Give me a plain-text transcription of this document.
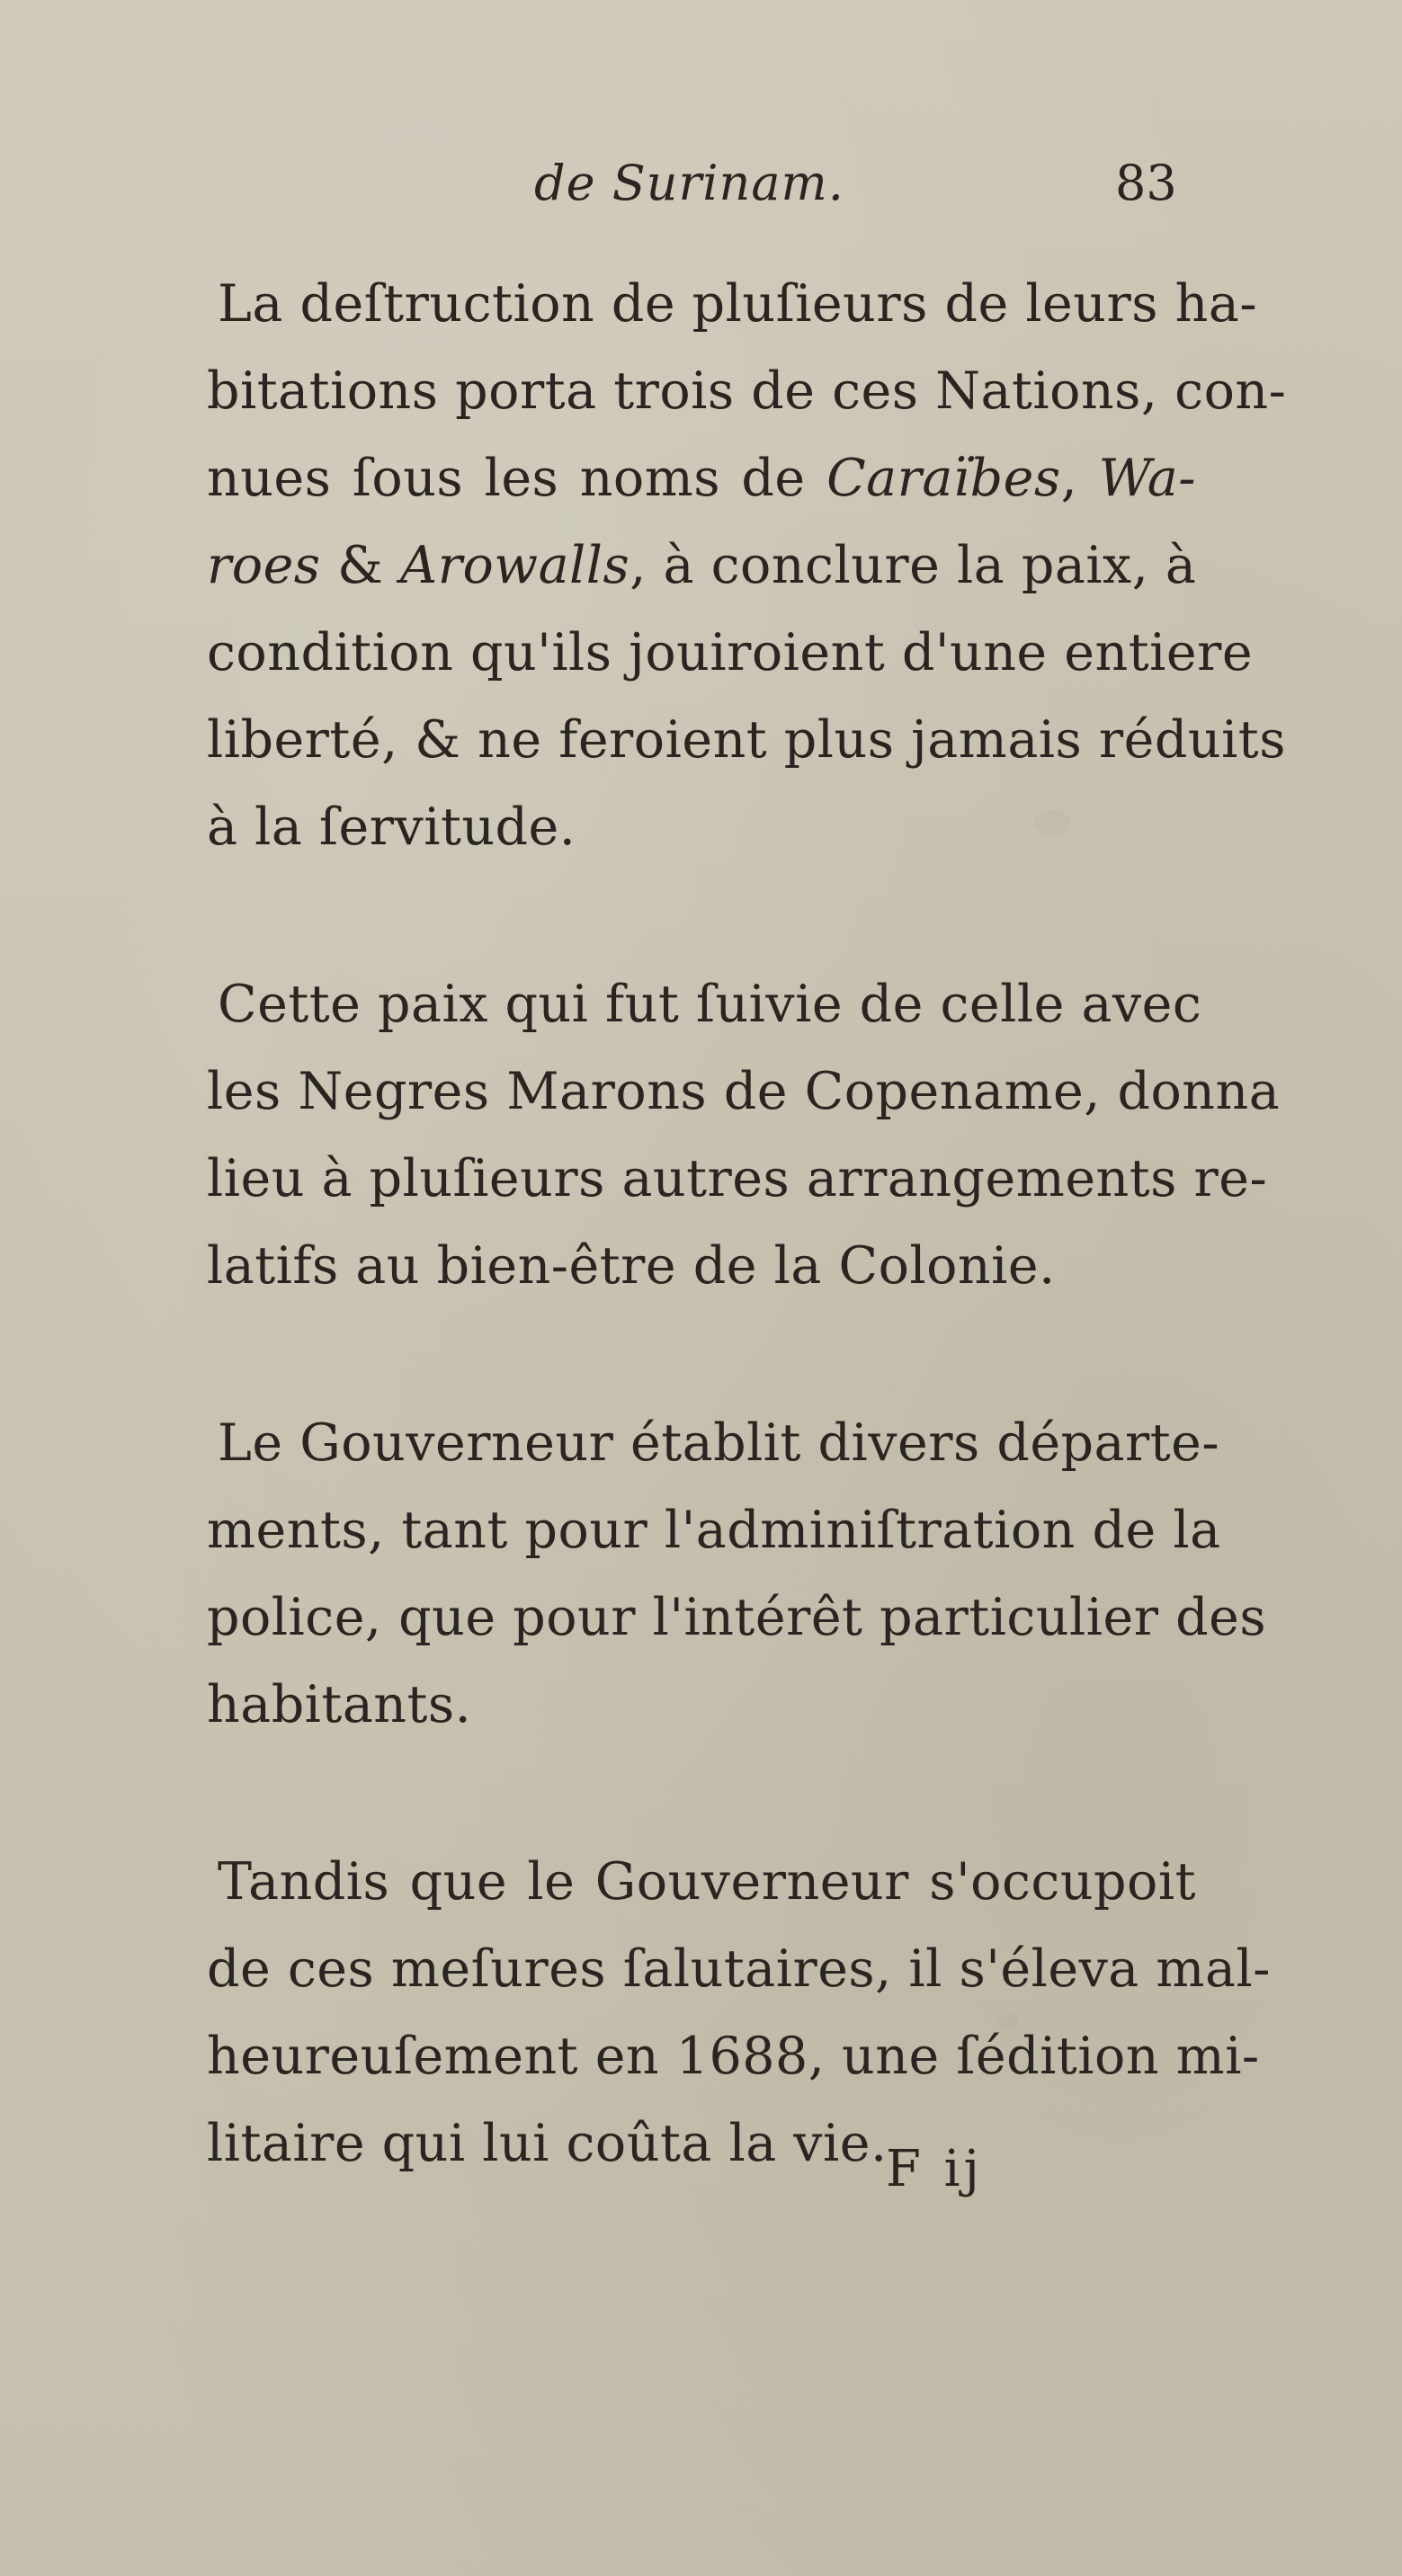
de Surinam.	83
La deſtruction de pluſieurs de leurs ha-
bitations porta trois de ces Nations, con-
nues ſous les noms de Caraïbes, Wa-
roes & Arowalls, à conclure la paix, à
condition qu'ils jouiroient d'une entiere
liberté, & ne feroient plus jamais réduits
à la ſervitude.
Cette paix qui fut ſuivie de celle avec
les Negres Marons de Copename, donna
lieu à pluſieurs autres arrangements re-
latifs au bien-être de la Colonie.
Le Gouverneur établit divers départe-
ments, tant pour l'adminiſtration de la
police, que pour l'intérêt particulier des
habitants.
Tandis que le Gouverneur s'occupoit
de ces meſures ſalutaires, il s'éleva mal-
heureuſement en 1688, une ſédition mi-
litaire qui lui coûta la vie.
F ij
